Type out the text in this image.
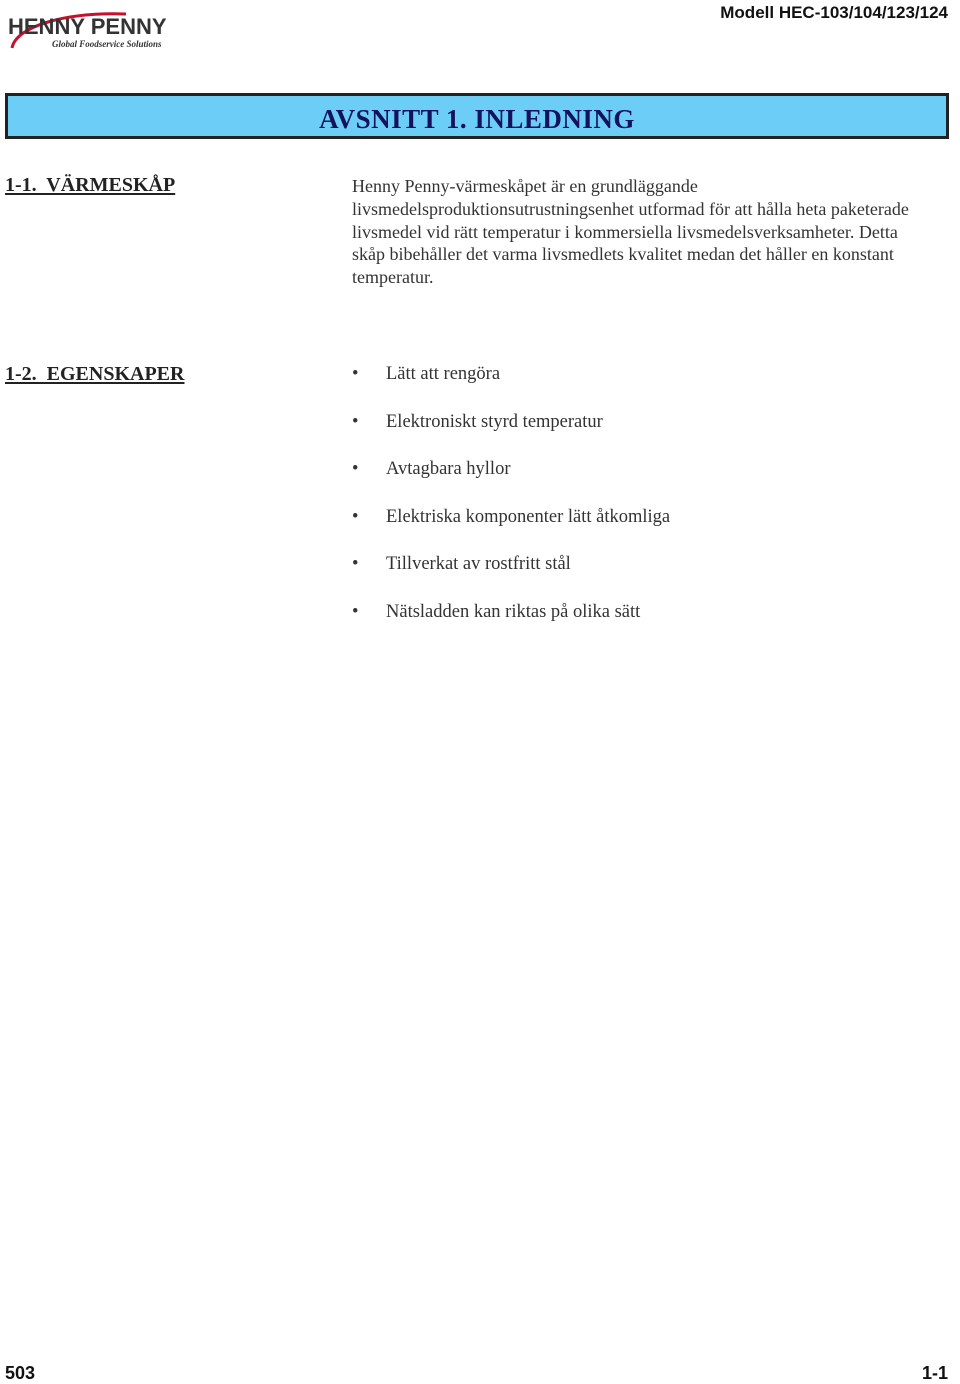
HENNY PENNY
Global Foodservice Solutions
Modell HEC-103/104/123/124
AVSNITT 1. INLEDNING
1-1.  VÄRMESKÅP	Henny Penny-värmeskåpet är en grundläggande livsmedelsproduktionsutrustningsenhet utformad för att hålla heta paketerade livsmedel vid rätt temperatur i kommersiella livsmedelsverksamheter. Detta skåp bibehåller det varma livsmedlets kvalitet medan det håller en konstant temperatur.
1-2.  EGENSKAPER	•	Lätt att rengöra
•	Elektroniskt styrd temperatur
•	Avtagbara hyllor
•	Elektriska komponenter lätt åtkomliga
•	Tillverkat av rostfritt stål
•	Nätsladden kan riktas på olika sätt
503	1-1
